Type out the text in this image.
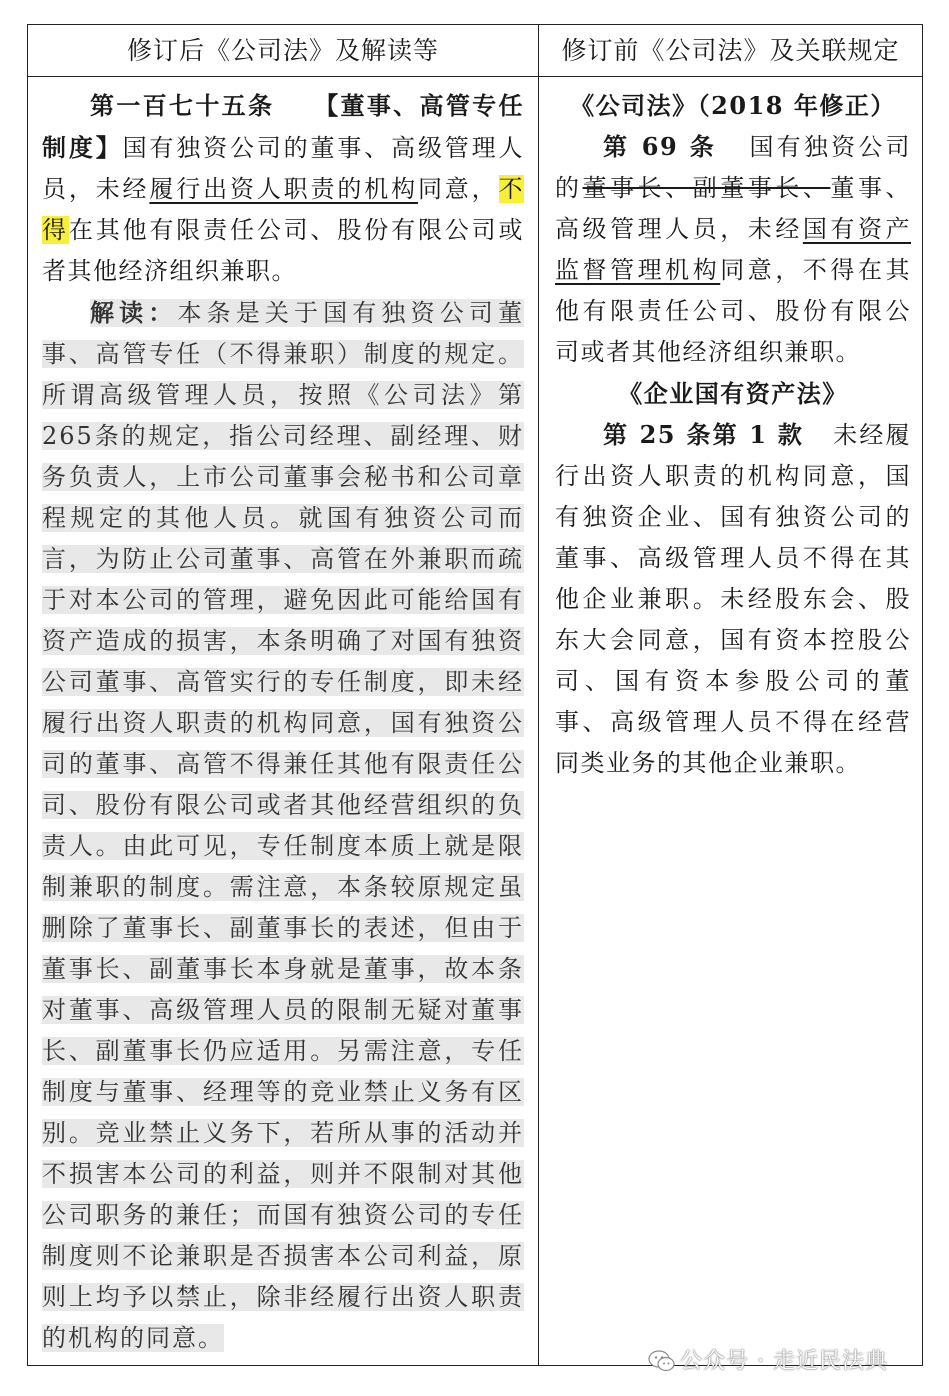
修订后《公司法》及解读等	修订前《公司法》及关联规定

第一百七十五条 【董事、高管专任制度】国有独资公司的董事、高级管理人员，未经履行出资人职责的机构同意，不得在其他有限责任公司、股份有限公司或者其他经济组织兼职。

解读：本条是关于国有独资公司董事、高管专任（不得兼职）制度的规定。所谓高级管理人员，按照《公司法》第265条的规定，指公司经理、副经理、财务负责人，上市公司董事会秘书和公司章程规定的其他人员。就国有独资公司而言，为防止公司董事、高管在外兼职而疏于对本公司的管理，避免因此可能给国有资产造成的损害，本条明确了对国有独资公司董事、高管实行的专任制度，即未经履行出资人职责的机构同意，国有独资公司的董事、高管不得兼任其他有限责任公司、股份有限公司或者其他经营组织的负责人。由此可见，专任制度本质上就是限制兼职的制度。需注意，本条较原规定虽删除了董事长、副董事长的表述，但由于董事长、副董事长本身就是董事，故本条对董事、高级管理人员的限制无疑对董事长、副董事长仍应适用。另需注意，专任制度与董事、经理等的竞业禁止义务有区别。竞业禁止义务下，若所从事的活动并不损害本公司的利益，则并不限制对其他公司职务的兼任；而国有独资公司的专任制度则不论兼职是否损害本公司利益，原则上均予以禁止，除非经履行出资人职责的机构的同意。

《公司法》（2018 年修正）

第 69 条 国有独资公司的董事长、副董事长、董事、高级管理人员，未经国有资产监督管理机构同意，不得在其他有限责任公司、股份有限公司或者其他经济组织兼职。

《企业国有资产法》

第 25 条第 1 款 未经履行出资人职责的机构同意，国有独资企业、国有独资公司的董事、高级管理人员不得在其他企业兼职。未经股东会、股东大会同意，国有资本控股公司、国有资本参股公司的董事、高级管理人员不得在经营同类业务的其他企业兼职。

公众号 · 走近民法典
